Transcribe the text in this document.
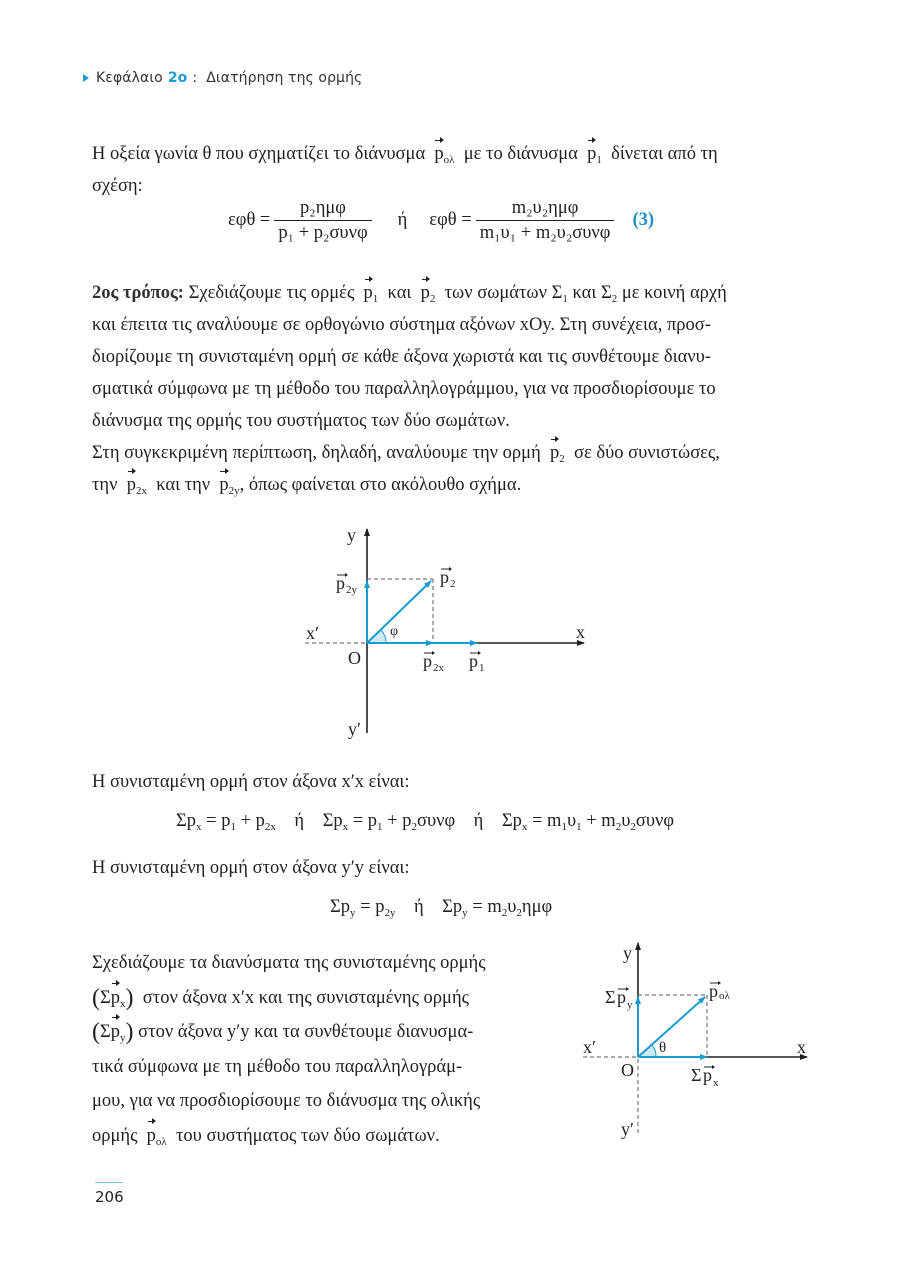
Κεφάλαιο 2ο : Διατήρηση της ορμής
Η οξεία γωνία θ που σχηματίζει το διάνυσμα $p_{o\lambda}$ με το διάνυσμα $p_1$ δίνεται από τη
σχέση:
$\varepsilon\varphi\theta = \frac{\text{p₂ημφ}}{\text{p₁ + p₂συνφ}}$ ή $\varepsilon\varphi\theta = \frac{\text{m₂υ₂ημφ}}{\text{m₁υ₁ + m₂υ₂συνφ}} (3)$
2ος τρόπος: Σχεδιάζουμε τις ορμές $p_1$ και $p_2$ των σωμάτων $\Sigma_1$ και $\Sigma_2$ με κοινή αρχή
και έπειτα τις αναλύουμε σε ορθογώνιο σύστημα αξόνων xOy. Στη συνέχεια, προσ-
διορίζουμε τη συνισταμένη ορμή σε κάθε άξονα χωριστά και τις συνθέτουμε διανυ-
σματικά σύμφωνα με τη μέθοδο του παραλληλογράμμου, για να προσδιορίσουμε το
διάνυσμα της ορμής του συστήματος των δύο σωμάτων.
Στη συγκεκριμένη περίπτωση, δηλαδή, αναλύουμε την ορμή $p_2$ σε δύο συνιστώσες,
την $p_{2x}$ και την $p_{2y}$, όπως φαίνεται στο ακόλουθο σχήμα.
y
y′
x
x′
O
φ
p 2y
p 2
p 2x p 1
Η συνισταμένη ορμή στον άξονα x′x είναι:
$\Sigma p_x = p_1 + p_{2x}$    ή    $\Sigma p_x = p_1 + p_2\sigma\upsilon\nu\varphi$    ή    $\Sigma p_x = m_1\upsilon_1 + m_2\upsilon_2\sigma\upsilon\nu\varphi$
Η συνισταμένη ορμή στον άξονα y′y είναι:
$\Sigma p_y = p_{2y}$    ή    $\Sigma p_y = m_2\upsilon_2\eta\mu\varphi$
Σχεδιάζουμε τα διανύσματα της συνισταμένης ορμής
$(\Sigma p_x)$ στον άξονα x′x και της συνισταμένης ορμής
$(\Sigma p_y)$ στον άξονα y′y και τα συνθέτουμε διανυσμα-
τικά σύμφωνα με τη μέθοδο του παραλληλογράμ-
μου, για να προσδιορίσουμε το διάνυσμα της ολικής
ορμής $p_{o\lambda}$ του συστήματος των δύο σωμάτων.
y
y′
x
x′
O
θ
Σ p y
p ολ
Σ p x
206
